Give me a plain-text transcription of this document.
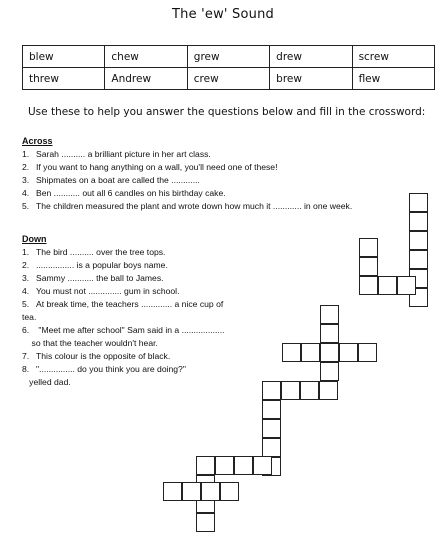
The 'ew' Sound
blew	chew	grew	drew	screw
threw	Andrew	crew	brew	flew
Use these to help you answer the questions below and fill in the crossword:
Across
1. Sarah .......... a brilliant picture in her art class.
2. If you want to hang anything on a wall, you'll need one of these!
3. Shipmates on a boat are called the ............
4. Ben ........... out all 6 candles on his birthday cake.
5. The children measured the plant and wrote down how much it ............ in one week.
Down
1. The bird .......... over the tree tops.
2. ................ is a popular boys name.
3. Sammy ........... the ball to James.
4. You must not .............. gum in school.
5. At break time, the teachers ............. a nice cup of
tea.
6. "Meet me after school" Sam said in a ..................
so that the teacher wouldn't hear.
7. This colour is the opposite of black.
8. "............... do you think you are doing?"
yelled dad.
